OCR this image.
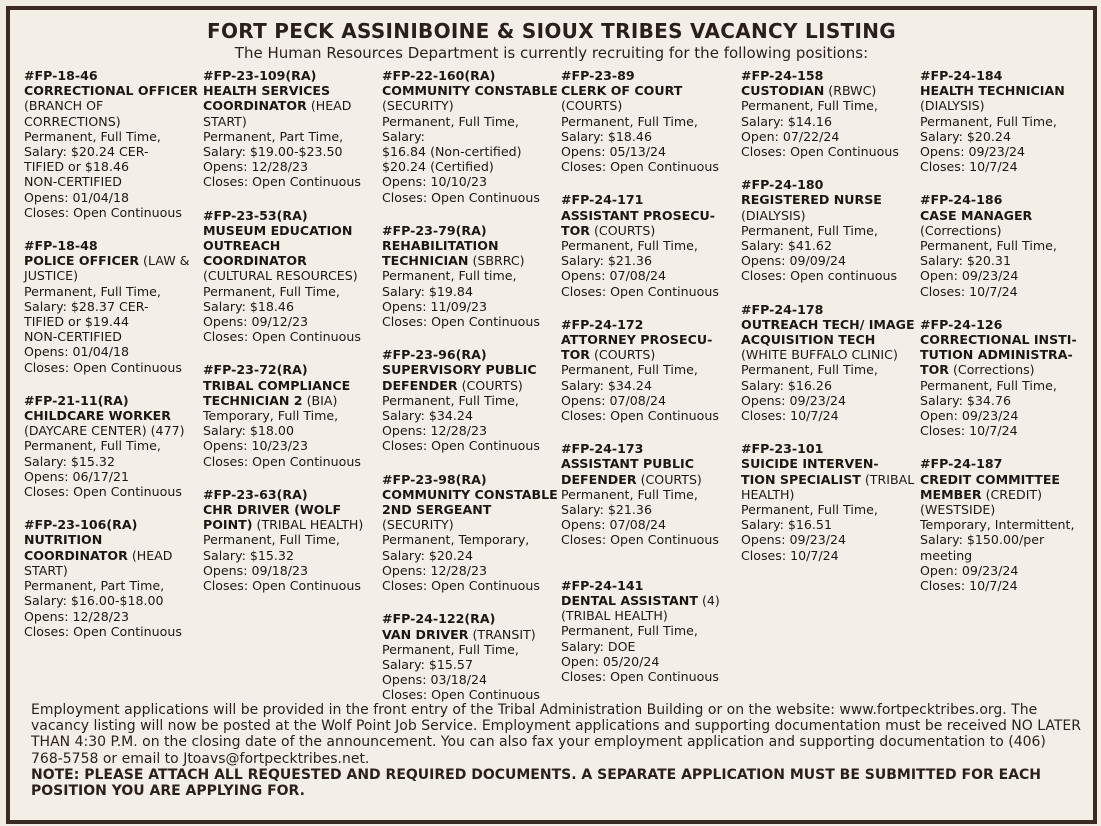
FORT PECK ASSINIBOINE & SIOUX TRIBES VACANCY LISTING
The Human Resources Department is currently recruiting for the following positions:
#FP-18-46
CORRECTIONAL OFFICER (BRANCH OF CORRECTIONS)
Permanent, Full Time,
Salary: $20.24 CER-
TIFIED or $18.46
NON-CERTIFIED
Opens: 01/04/18
Closes: Open Continuous
#FP-18-48
POLICE OFFICER (LAW & JUSTICE)
Permanent, Full Time,
Salary: $28.37 CER-
TIFIED or $19.44
NON-CERTIFIED
Opens: 01/04/18
Closes: Open Continuous
#FP-21-11(RA)
CHILDCARE WORKER (DAYCARE CENTER) (477)
Permanent, Full Time,
Salary: $15.32
Opens: 06/17/21
Closes: Open Continuous
#FP-23-106(RA)
NUTRITION COORDINATOR (HEAD START)
Permanent, Part Time,
Salary: $16.00-$18.00
Opens: 12/28/23
Closes: Open Continuous
#FP-23-109(RA)
HEALTH SERVICES COORDINATOR (HEAD START)
Permanent, Part Time,
Salary: $19.00-$23.50
Opens: 12/28/23
Closes: Open Continuous
#FP-23-53(RA)
MUSEUM EDUCATION OUTREACH COORDINATOR (CULTURAL RESOURCES)
Permanent, Full Time,
Salary: $18.46
Opens: 09/12/23
Closes: Open Continuous
#FP-23-72(RA)
TRIBAL COMPLIANCE TECHNICIAN 2 (BIA)
Temporary, Full Time,
Salary: $18.00
Opens: 10/23/23
Closes: Open Continuous
#FP-23-63(RA)
CHR DRIVER (WOLF POINT) (TRIBAL HEALTH)
Permanent, Full Time,
Salary: $15.32
Opens: 09/18/23
Closes: Open Continuous
#FP-22-160(RA)
COMMUNITY CONSTABLE (SECURITY)
Permanent, Full Time,
Salary:
$16.84 (Non-certified)
$20.24 (Certified)
Opens: 10/10/23
Closes: Open Continuous
#FP-23-79(RA)
REHABILITATION TECHNICIAN (SBRRC)
Permanent, Full time,
Salary: $19.84
Opens: 11/09/23
Closes: Open Continuous
#FP-23-96(RA)
SUPERVISORY PUBLIC DEFENDER (COURTS)
Permanent, Full Time,
Salary: $34.24
Opens: 12/28/23
Closes: Open Continuous
#FP-23-98(RA)
COMMUNITY CONSTABLE 2ND SERGEANT (SECURITY)
Permanent, Temporary,
Salary: $20.24
Opens: 12/28/23
Closes: Open Continuous
#FP-24-122(RA)
VAN DRIVER (TRANSIT)
Permanent, Full Time,
Salary: $15.57
Opens: 03/18/24
Closes: Open Continuous
#FP-23-89
CLERK OF COURT (COURTS)
Permanent, Full Time,
Salary: $18.46
Opens: 05/13/24
Closes: Open Continuous
#FP-24-171
ASSISTANT PROSECU- TOR (COURTS)
Permanent, Full Time,
Salary: $21.36
Opens: 07/08/24
Closes: Open Continuous
#FP-24-172
ATTORNEY PROSECU- TOR (COURTS)
Permanent, Full Time,
Salary: $34.24
Opens: 07/08/24
Closes: Open Continuous
#FP-24-173
ASSISTANT PUBLIC DEFENDER (COURTS)
Permanent, Full Time,
Salary: $21.36
Opens: 07/08/24
Closes: Open Continuous
#FP-24-141
DENTAL ASSISTANT (4) (TRIBAL HEALTH)
Permanent, Full Time,
Salary: DOE
Open: 05/20/24
Closes: Open Continuous
#FP-24-158
CUSTODIAN (RBWC)
Permanent, Full Time,
Salary: $14.16
Open: 07/22/24
Closes: Open Continuous
#FP-24-180
REGISTERED NURSE (DIALYSIS)
Permanent, Full Time,
Salary: $41.62
Opens: 09/09/24
Closes: Open continuous
#FP-24-178
OUTREACH TECH/ IMAGE ACQUISITION TECH (WHITE BUFFALO CLINIC)
Permanent, Full Time,
Salary: $16.26
Opens: 09/23/24
Closes: 10/7/24
#FP-23-101
SUICIDE INTERVEN- TION SPECIALIST (TRIBAL HEALTH)
Permanent, Full Time,
Salary: $16.51
Opens: 09/23/24
Closes: 10/7/24
#FP-24-184
HEALTH TECHNICIAN (DIALYSIS)
Permanent, Full Time,
Salary: $20.24
Opens: 09/23/24
Closes: 10/7/24
#FP-24-186
CASE MANAGER (Corrections)
Permanent, Full Time,
Salary: $20.31
Open: 09/23/24
Closes: 10/7/24
#FP-24-126
CORRECTIONAL INSTI- TUTION ADMINISTRA- TOR (Corrections)
Permanent, Full Time,
Salary: $34.76
Open: 09/23/24
Closes: 10/7/24
#FP-24-187
CREDIT COMMITTEE MEMBER (CREDIT) (WESTSIDE)
Temporary, Intermittent,
Salary: $150.00/per
meeting
Open: 09/23/24
Closes: 10/7/24
Employment applications will be provided in the front entry of the Tribal Administration Building or on the website: www.fortpecktribes.org. The vacancy listing will now be posted at the Wolf Point Job Service. Employment applications and supporting documentation must be received NO LATER THAN 4:30 P.M. on the closing date of the announcement. You can also fax your employment application and supporting documentation to (406) 768-5758 or email to Jtoavs@fortpecktribes.net.
NOTE: PLEASE ATTACH ALL REQUESTED AND REQUIRED DOCUMENTS. A SEPARATE APPLICATION MUST BE SUBMITTED FOR EACH POSITION YOU ARE APPLYING FOR.
